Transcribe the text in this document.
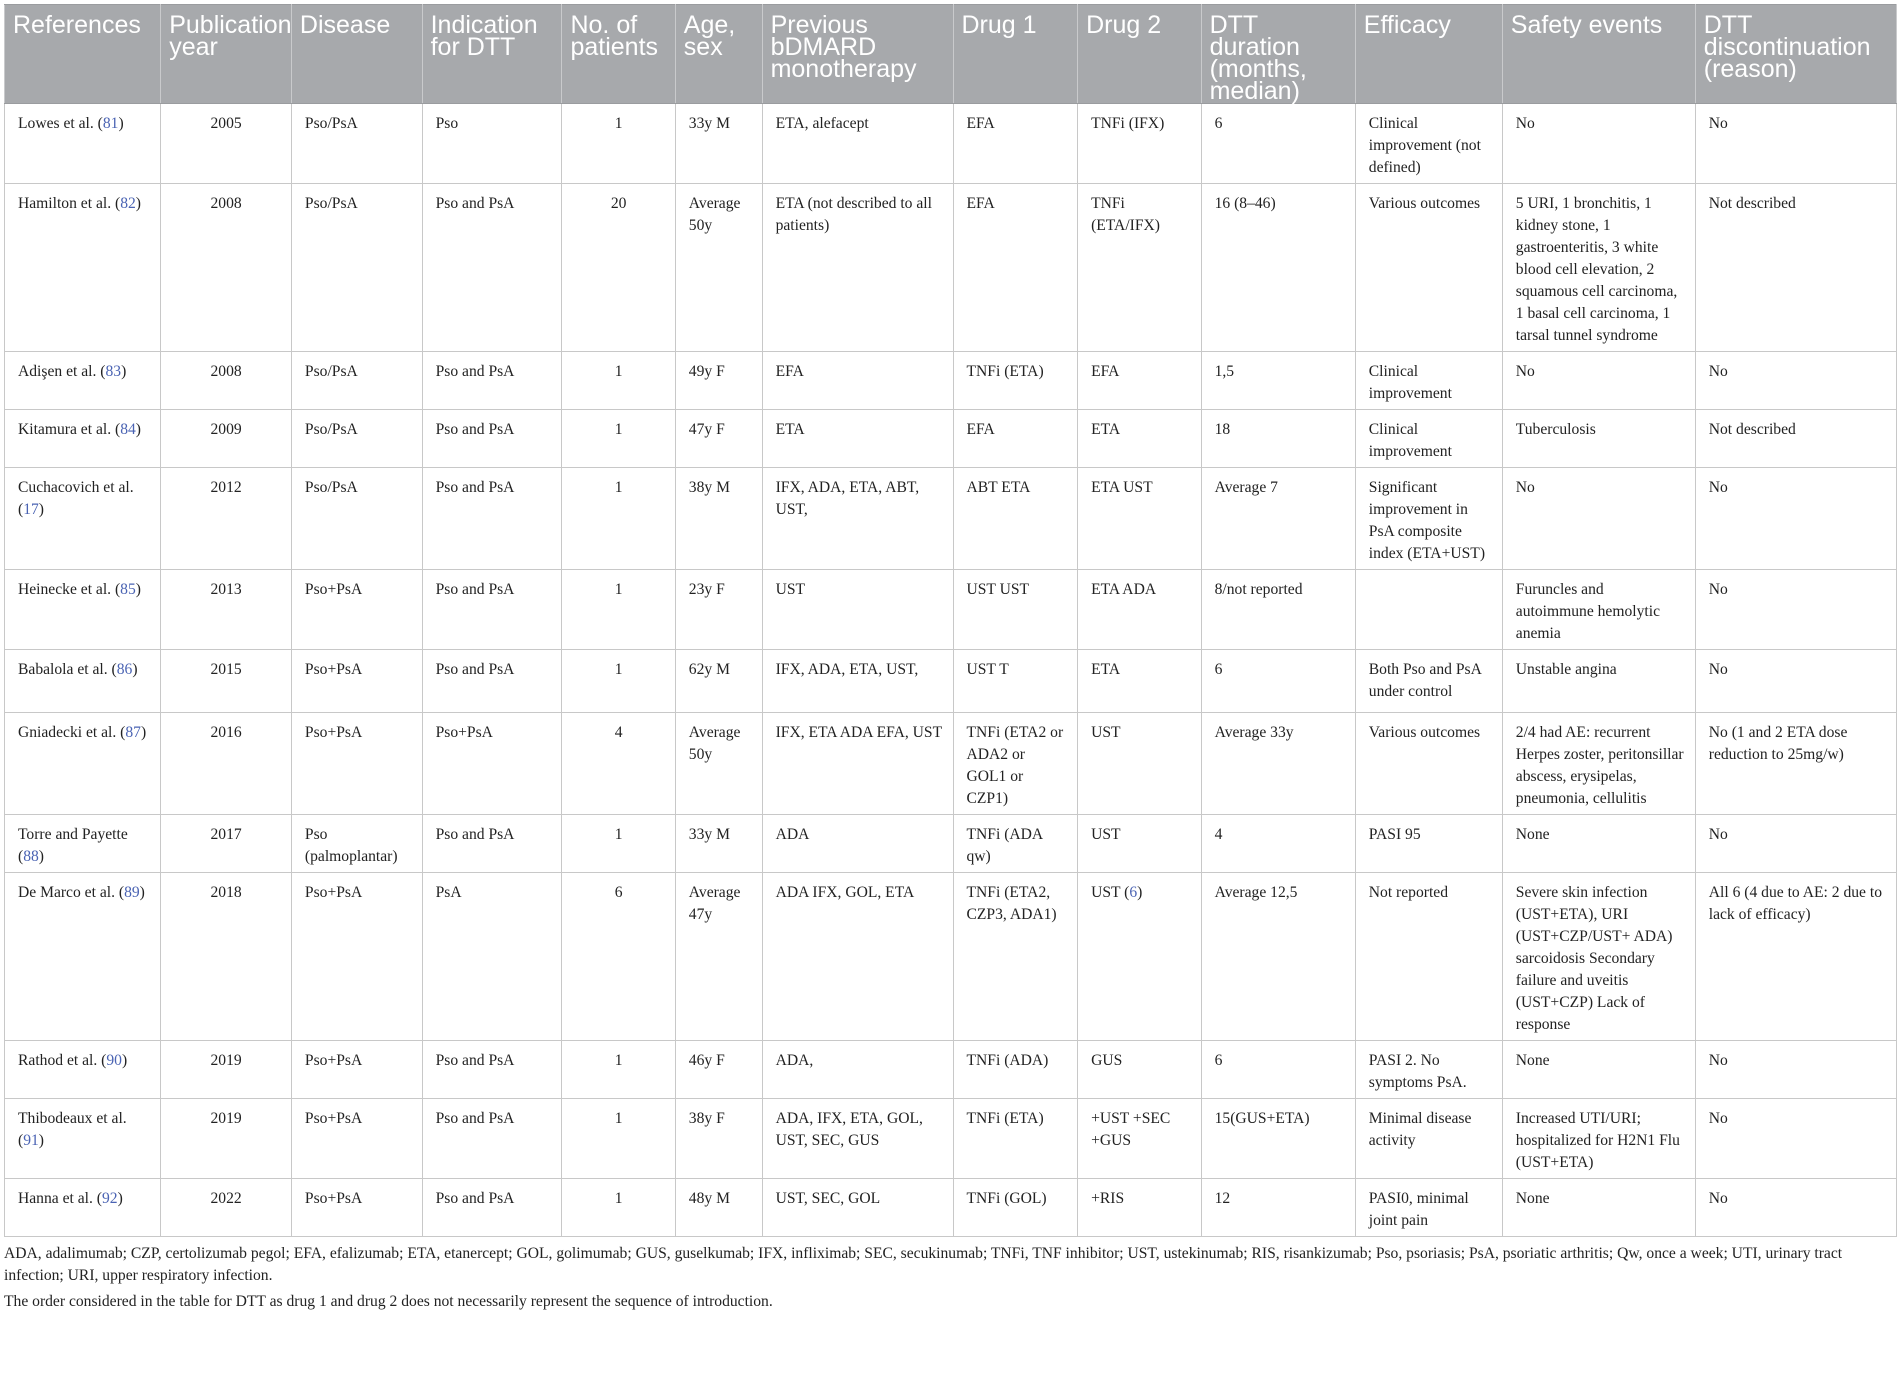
References	Publication year	Disease	Indication for DTT	No. of patients	Age, sex	Previous bDMARD monotherapy	Drug 1	Drug 2	DTT duration (months, median)	Efficacy	Safety events	DTT discontinuation (reason)
Lowes et al. (81)	2005	Pso/PsA	Pso	1	33y M	ETA, alefacept	EFA	TNFi (IFX)	6	Clinical improvement (not defined)	No	No
Hamilton et al. (82)	2008	Pso/PsA	Pso and PsA	20	Average 50y	ETA (not described to all patients)	EFA	TNFi (ETA/IFX)	16 (8–46)	Various outcomes	5 URI, 1 bronchitis, 1 kidney stone, 1 gastroenteritis, 3 white blood cell elevation, 2 squamous cell carcinoma, 1 basal cell carcinoma, 1 tarsal tunnel syndrome	Not described
Adişen et al. (83)	2008	Pso/PsA	Pso and PsA	1	49y F	EFA	TNFi (ETA)	EFA	1,5	Clinical improvement	No	No
Kitamura et al. (84)	2009	Pso/PsA	Pso and PsA	1	47y F	ETA	EFA	ETA	18	Clinical improvement	Tuberculosis	Not described
Cuchacovich et al. (17)	2012	Pso/PsA	Pso and PsA	1	38y M	IFX, ADA, ETA, ABT, UST,	ABT ETA	ETA UST	Average 7	Significant improvement in PsA composite index (ETA+UST)	No	No
Heinecke et al. (85)	2013	Pso+PsA	Pso and PsA	1	23y F	UST	UST UST	ETA ADA	8/not reported		Furuncles and autoimmune hemolytic anemia	No
Babalola et al. (86)	2015	Pso+PsA	Pso and PsA	1	62y M	IFX, ADA, ETA, UST,	UST T	ETA	6	Both Pso and PsA under control	Unstable angina	No
Gniadecki et al. (87)	2016	Pso+PsA	Pso+PsA	4	Average 50y	IFX, ETA ADA EFA, UST	TNFi (ETA2 or ADA2 or GOL1 or CZP1)	UST	Average 33y	Various outcomes	2/4 had AE: recurrent Herpes zoster, peritonsillar abscess, erysipelas, pneumonia, cellulitis	No (1 and 2 ETA dose reduction to 25mg/w)
Torre and Payette (88)	2017	Pso (palmoplantar)	Pso and PsA	1	33y M	ADA	TNFi (ADA qw)	UST	4	PASI 95	None	No
De Marco et al. (89)	2018	Pso+PsA	PsA	6	Average 47y	ADA IFX, GOL, ETA	TNFi (ETA2, CZP3, ADA1)	UST (6)	Average 12,5	Not reported	Severe skin infection (UST+ETA), URI (UST+CZP/UST+ ADA) sarcoidosis Secondary failure and uveitis (UST+CZP) Lack of response	All 6 (4 due to AE: 2 due to lack of efficacy)
Rathod et al. (90)	2019	Pso+PsA	Pso and PsA	1	46y F	ADA,	TNFi (ADA)	GUS	6	PASI 2. No symptoms PsA.	None	No
Thibodeaux et al. (91)	2019	Pso+PsA	Pso and PsA	1	38y F	ADA, IFX, ETA, GOL, UST, SEC, GUS	TNFi (ETA)	+UST +SEC +GUS	15(GUS+ETA)	Minimal disease activity	Increased UTI/URI; hospitalized for H2N1 Flu (UST+ETA)	No
Hanna et al. (92)	2022	Pso+PsA	Pso and PsA	1	48y M	UST, SEC, GOL	TNFi (GOL)	+RIS	12	PASI0, minimal joint pain	None	No

ADA, adalimumab; CZP, certolizumab pegol; EFA, efalizumab; ETA, etanercept; GOL, golimumab; GUS, guselkumab; IFX, infliximab; SEC, secukinumab; TNFi, TNF inhibitor; UST, ustekinumab; RIS, risankizumab; Pso, psoriasis; PsA, psoriatic arthritis; Qw, once a week; UTI, urinary tract infection; URI, upper respiratory infection.

The order considered in the table for DTT as drug 1 and drug 2 does not necessarily represent the sequence of introduction.
